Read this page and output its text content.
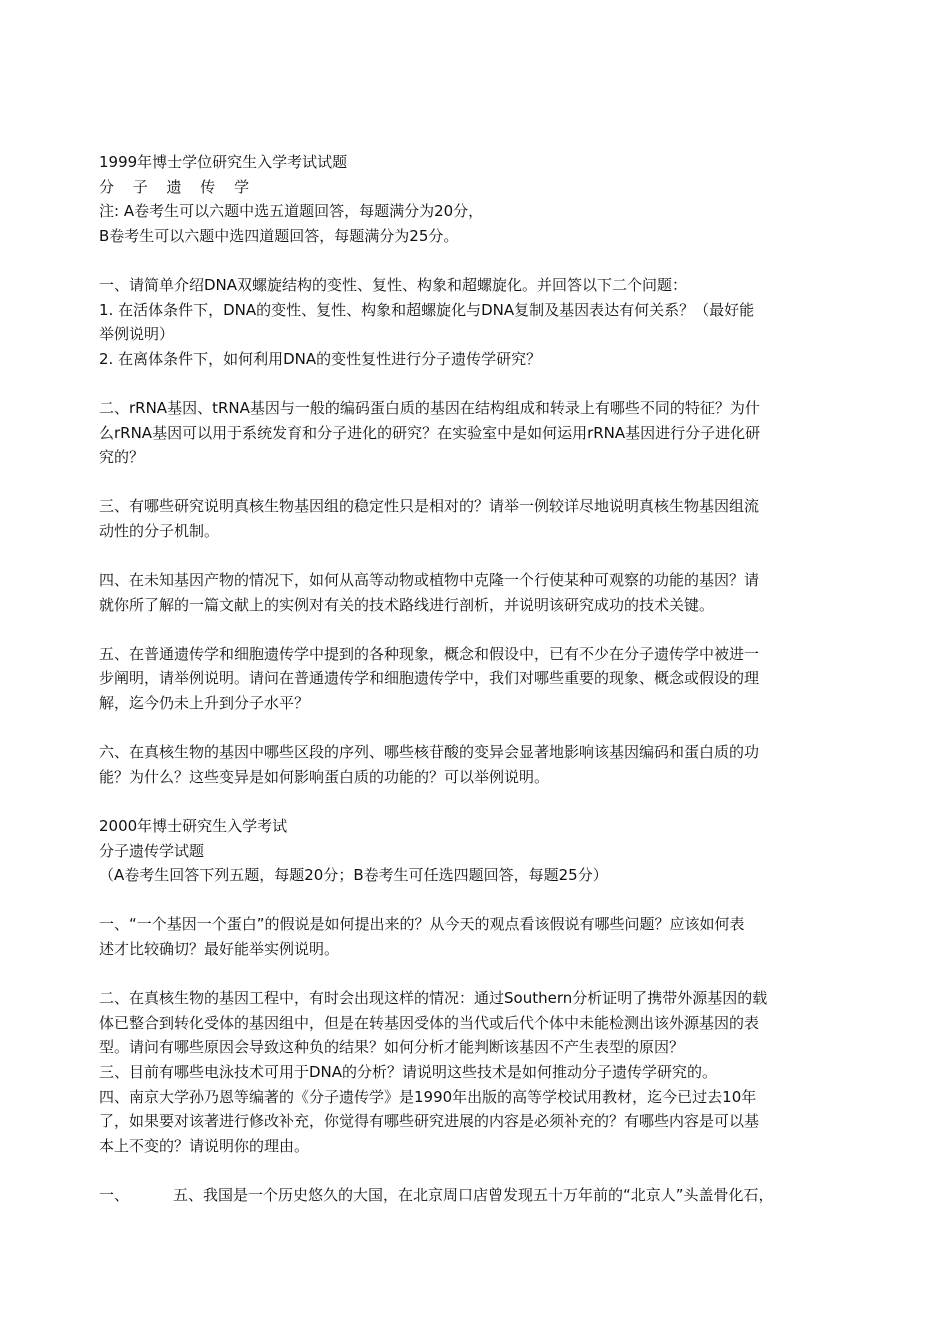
1999年博士学位研究生入学考试试题
分 子 遗 传 学
注: A卷考生可以六题中选五道题回答，每题满分为20分，
B卷考生可以六题中选四道题回答，每题满分为25分。
一、请简单介绍DNA双螺旋结构的变性、复性、构象和超螺旋化。并回答以下二个问题：
1. 在活体条件下，DNA的变性、复性、构象和超螺旋化与DNA复制及基因表达有何关系？（最好能
举例说明）
2. 在离体条件下，如何利用DNA的变性复性进行分子遗传学研究？
二、rRNA基因、tRNA基因与一般的编码蛋白质的基因在结构组成和转录上有哪些不同的特征？为什
么rRNA基因可以用于系统发育和分子进化的研究？在实验室中是如何运用rRNA基因进行分子进化研
究的？
三、有哪些研究说明真核生物基因组的稳定性只是相对的？请举一例较详尽地说明真核生物基因组流
动性的分子机制。
四、在未知基因产物的情况下，如何从高等动物或植物中克隆一个行使某种可观察的功能的基因？请
就你所了解的一篇文献上的实例对有关的技术路线进行剖析，并说明该研究成功的技术关键。
五、在普通遗传学和细胞遗传学中提到的各种现象，概念和假设中，已有不少在分子遗传学中被进一
步阐明，请举例说明。请问在普通遗传学和细胞遗传学中，我们对哪些重要的现象、概念或假设的理
解，迄今仍未上升到分子水平？
六、在真核生物的基因中哪些区段的序列、哪些核苷酸的变异会显著地影响该基因编码和蛋白质的功
能？为什么？这些变异是如何影响蛋白质的功能的？可以举例说明。
2000年博士研究生入学考试
分子遗传学试题
（A卷考生回答下列五题，每题20分；B卷考生可任选四题回答，每题25分）
一、“一个基因一个蛋白”的假说是如何提出来的？从今天的观点看该假说有哪些问题？应该如何表
述才比较确切？最好能举实例说明。
二、在真核生物的基因工程中，有时会出现这样的情况：通过Southern分析证明了携带外源基因的载
体已整合到转化受体的基因组中，但是在转基因受体的当代或后代个体中未能检测出该外源基因的表
型。请问有哪些原因会导致这种负的结果？如何分析才能判断该基因不产生表型的原因？
三、目前有哪些电泳技术可用于DNA的分析？请说明这些技术是如何推动分子遗传学研究的。
四、南京大学孙乃恩等编著的《分子遗传学》是1990年出版的高等学校试用教材，迄今已过去10年
了，如果要对该著进行修改补充，你觉得有哪些研究进展的内容是必须补充的？有哪些内容是可以基
本上不变的？请说明你的理由。
一、	五、我国是一个历史悠久的大国，在北京周口店曾发现五十万年前的“北京人”头盖骨化石，
